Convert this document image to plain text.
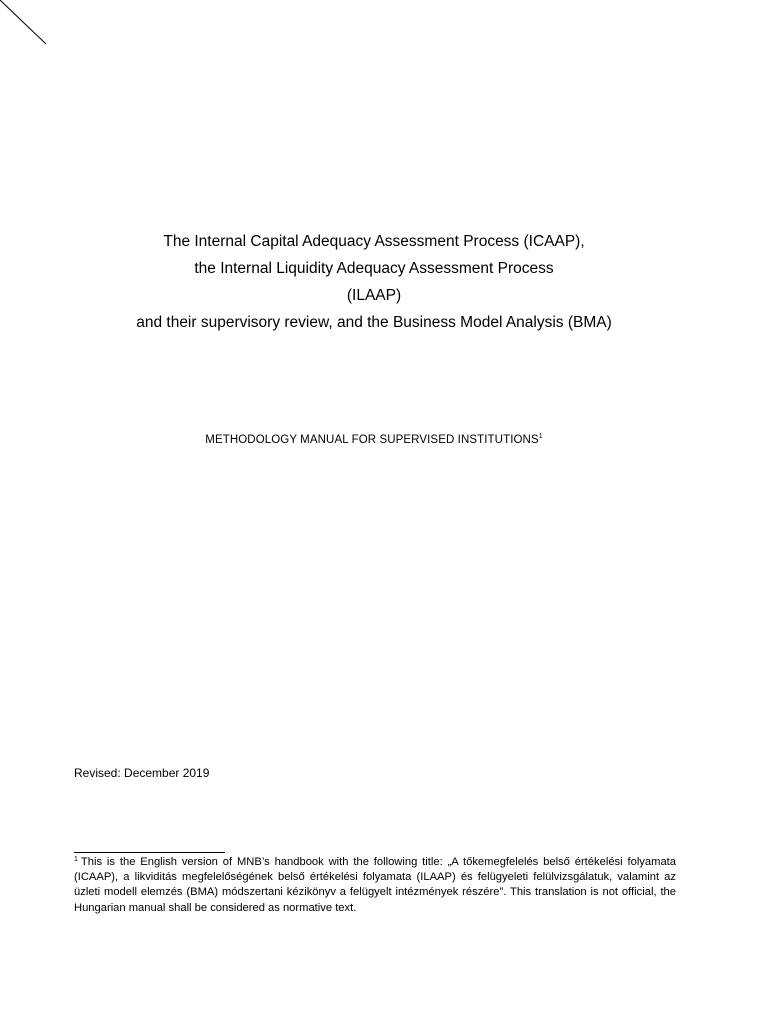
The Internal Capital Adequacy Assessment Process (ICAAP),
the Internal Liquidity Adequacy Assessment Process
(ILAAP)
and their supervisory review, and the Business Model Analysis (BMA)
METHODOLOGY MANUAL FOR SUPERVISED INSTITUTIONS$^1$
Revised: December 2019
$^1$ This is the English version of MNB’s handbook with the following title: „A tőkemegfelelés belső értékelési folyamata (ICAAP), a likviditás megfelelőségének belső értékelési folyamata (ILAAP) és felügyeleti felülvizsgálatuk, valamint az üzleti modell elemzés (BMA) módszertani kézikönyv a felügyelt intézmények részére”. This translation is not official, the Hungarian manual shall be considered as normative text.
